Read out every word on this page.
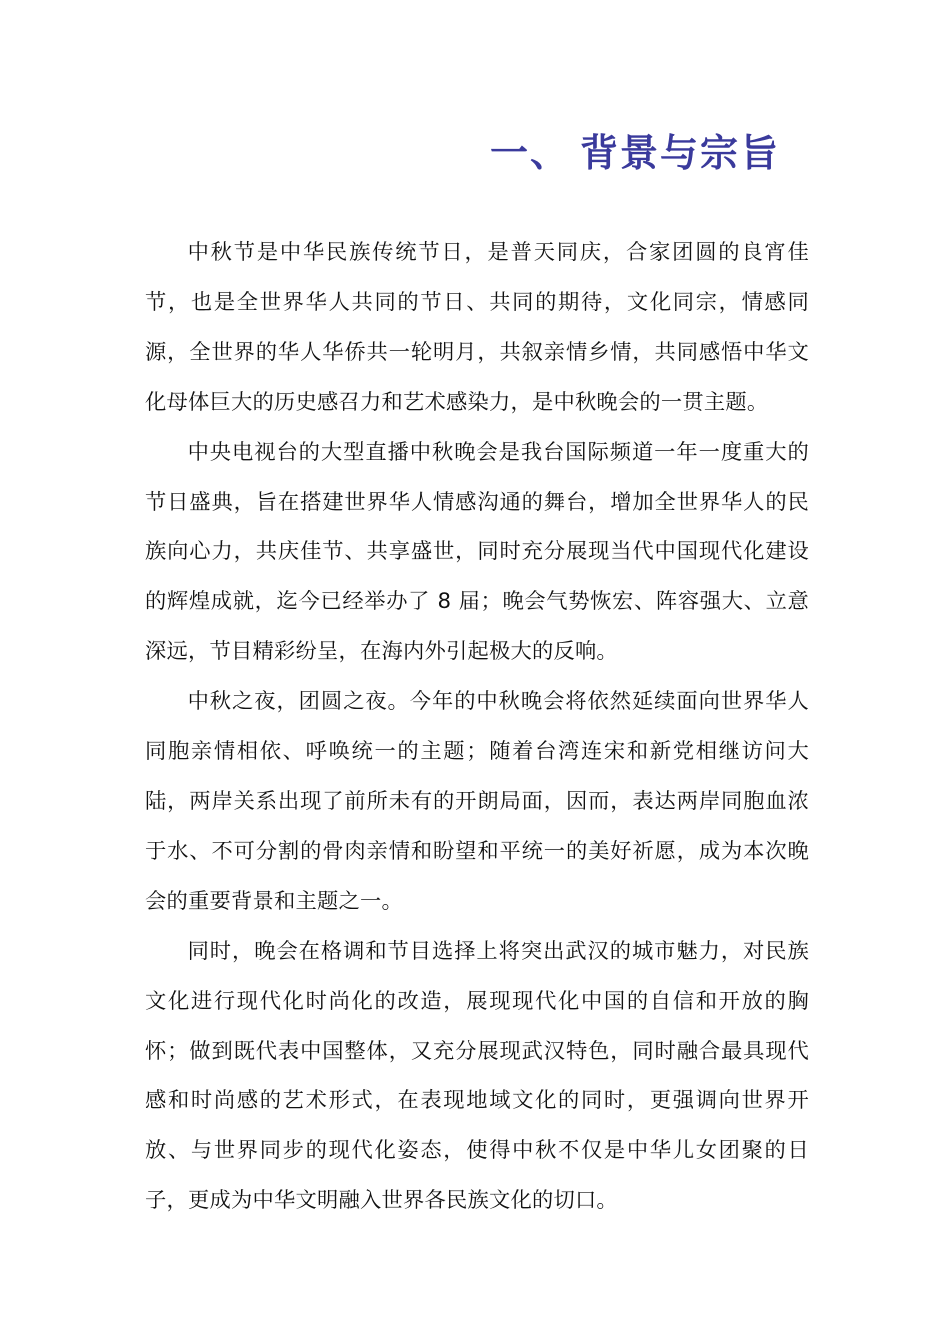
一、 背景与宗旨

中秋节是中华民族传统节日，是普天同庆，合家团圆的良宵佳节，也是全世界华人共同的节日、共同的期待，文化同宗，情感同源，全世界的华人华侨共一轮明月，共叙亲情乡情，共同感悟中华文化母体巨大的历史感召力和艺术感染力，是中秋晚会的一贯主题。

中央电视台的大型直播中秋晚会是我台国际频道一年一度重大的节日盛典，旨在搭建世界华人情感沟通的舞台，增加全世界华人的民族向心力，共庆佳节、共享盛世，同时充分展现当代中国现代化建设的辉煌成就，迄今已经举办了 8 届；晚会气势恢宏、阵容强大、立意深远，节目精彩纷呈，在海内外引起极大的反响。

中秋之夜，团圆之夜。今年的中秋晚会将依然延续面向世界华人同胞亲情相依、呼唤统一的主题；随着台湾连宋和新党相继访问大陆，两岸关系出现了前所未有的开朗局面，因而，表达两岸同胞血浓于水、不可分割的骨肉亲情和盼望和平统一的美好祈愿，成为本次晚会的重要背景和主题之一。

同时，晚会在格调和节目选择上将突出武汉的城市魅力，对民族文化进行现代化时尚化的改造，展现现代化中国的自信和开放的胸怀；做到既代表中国整体，又充分展现武汉特色，同时融合最具现代感和时尚感的艺术形式，在表现地域文化的同时，更强调向世界开放、与世界同步的现代化姿态，使得中秋不仅是中华儿女团聚的日子，更成为中华文明融入世界各民族文化的切口。
